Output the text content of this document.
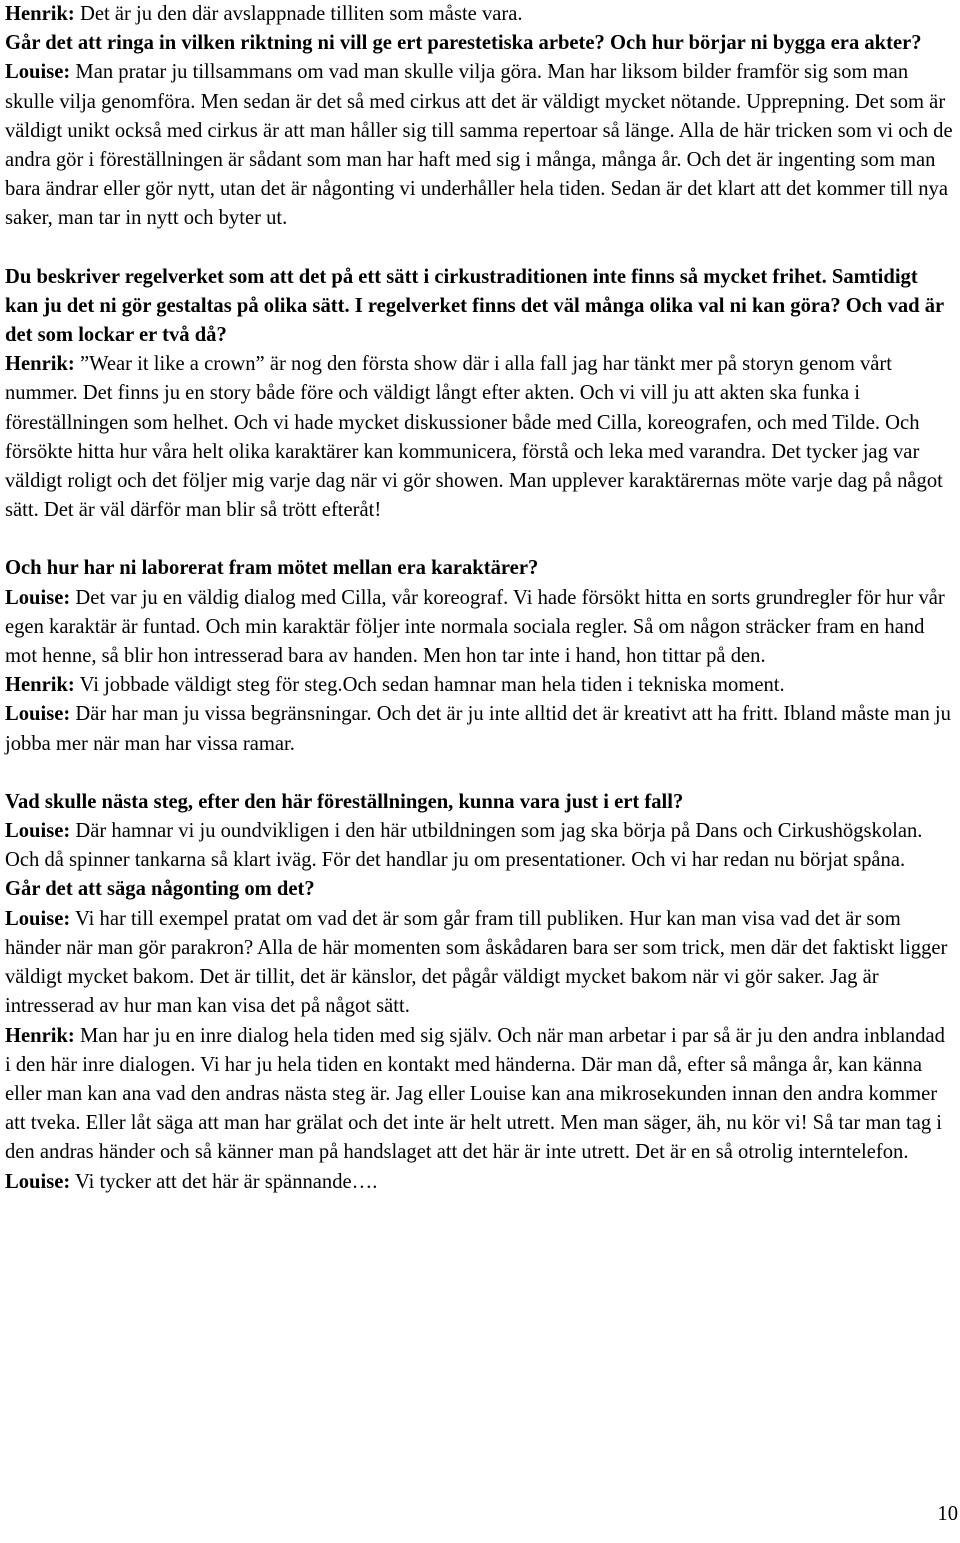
Henrik: Det är ju den där avslappnade tilliten som måste vara.
Går det att ringa in vilken riktning ni vill ge ert parestetiska arbete? Och hur börjar ni bygga era akter?
Louise: Man pratar ju tillsammans om vad man skulle vilja göra. Man har liksom bilder framför sig som man skulle vilja genomföra. Men sedan är det så med cirkus att det är väldigt mycket nötande. Upprepning. Det som är väldigt unikt också med cirkus är att man håller sig till samma repertoar så länge. Alla de här tricken som vi och de andra gör i föreställningen är sådant som man har haft med sig i många, många år. Och det är ingenting som man bara ändrar eller gör nytt, utan det är någonting vi underhåller hela tiden. Sedan är det klart att det kommer till nya saker, man tar in nytt och byter ut.
Du beskriver regelverket som att det på ett sätt i cirkustraditionen inte finns så mycket frihet. Samtidigt kan ju det ni gör gestaltas på olika sätt. I regelverket finns det väl många olika val ni kan göra? Och vad är det som lockar er två då?
Henrik: ”Wear it like a crown” är nog den första show där i alla fall jag har tänkt mer på storyn genom vårt nummer. Det finns ju en story både före och väldigt långt efter akten. Och vi vill ju att akten ska funka i föreställningen som helhet. Och vi hade mycket diskussioner både med Cilla, koreografen, och med Tilde. Och försökte hitta hur våra helt olika karaktärer kan kommunicera, förstå och leka med varandra. Det tycker jag var väldigt roligt och det följer mig varje dag när vi gör showen. Man upplever karaktärernas möte varje dag på något sätt. Det är väl därför man blir så trött efteråt!
Och hur har ni laborerat fram mötet mellan era karaktärer?
Louise: Det var ju en väldig dialog med Cilla, vår koreograf. Vi hade försökt hitta en sorts grundregler för hur vår egen karaktär är funtad. Och min karaktär följer inte normala sociala regler. Så om någon sträcker fram en hand mot henne, så blir hon intresserad bara av handen. Men hon tar inte i hand, hon tittar på den.
Henrik: Vi jobbade väldigt steg för steg.Och sedan hamnar man hela tiden i tekniska moment.
Louise: Där har man ju vissa begränsningar. Och det är ju inte alltid det är kreativt att ha fritt. Ibland måste man ju jobba mer när man har vissa ramar.
Vad skulle nästa steg, efter den här föreställningen, kunna vara just i ert fall?
Louise: Där hamnar vi ju oundvikligen i den här utbildningen som jag ska börja på Dans och Cirkushögskolan. Och då spinner tankarna så klart iväg. För det handlar ju om presentationer. Och vi har redan nu börjat spåna.
Går det att säga någonting om det?
Louise: Vi har till exempel pratat om vad det är som går fram till publiken. Hur kan man visa vad det är som händer när man gör parakron? Alla de här momenten som åskådaren bara ser som trick, men där det faktiskt ligger väldigt mycket bakom. Det är tillit, det är känslor, det pågår väldigt mycket bakom när vi gör saker. Jag är intresserad av hur man kan visa det på något sätt.
Henrik: Man har ju en inre dialog hela tiden med sig själv. Och när man arbetar i par så är ju den andra inblandad i den här inre dialogen. Vi har ju hela tiden en kontakt med händerna. Där man då, efter så många år, kan känna eller man kan ana vad den andras nästa steg är. Jag eller Louise kan ana mikrosekunden innan den andra kommer att tveka. Eller låt säga att man har grälat och det inte är helt utrett. Men man säger, äh, nu kör vi! Så tar man tag i den andras händer och så känner man på handslaget att det här är inte utrett. Det är en så otrolig interntelefon.
Louise: Vi tycker att det här är spännande….
10
